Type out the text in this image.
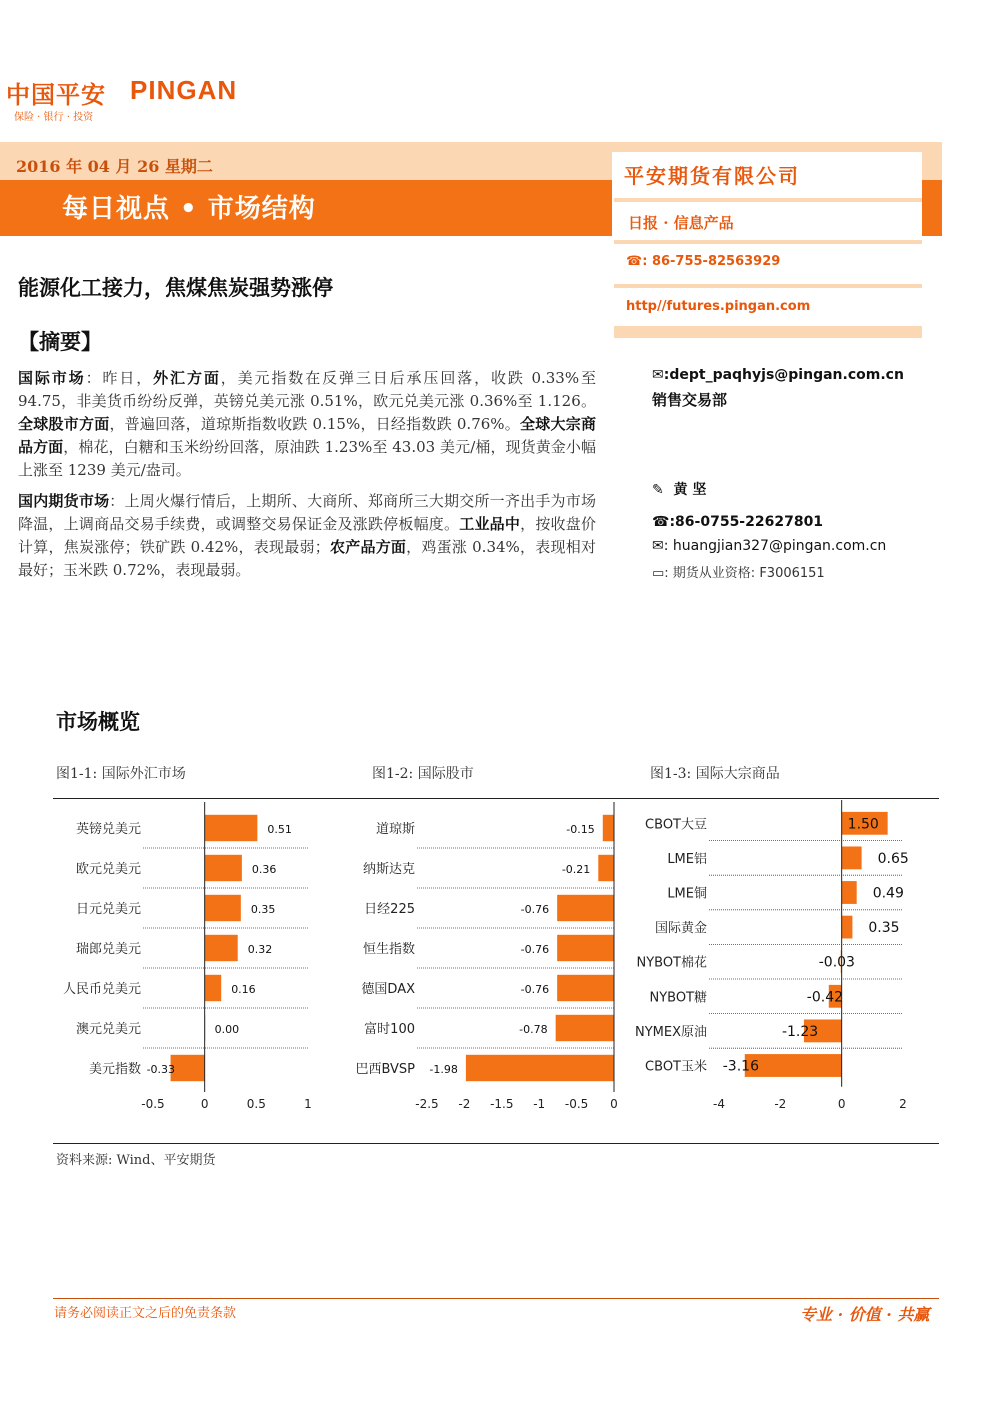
中国平安 PINGAN
保险 · 银行 · 投资
2016 年 04 月 26 星期二
每日视点 • 市场结构
平安期货有限公司
日报 · 信息产品
☎: 86-755-82563929
http//futures.pingan.com
能源化工接力，焦煤焦炭强势涨停
【摘要】
国际市场：昨日，外汇方面，美元指数在反弹三日后承压回落，收跌 0.33%至 94.75，非美货币纷纷反弹，英镑兑美元涨 0.51%，欧元兑美元涨 0.36%至 1.126。全球股市方面，普遍回落，道琼斯指数收跌 0.15%，日经指数跌 0.76%。全球大宗商品方面，棉花，白糖和玉米纷纷回落，原油跌 1.23%至 43.03 美元/桶，现货黄金小幅上涨至 1239 美元/盎司。
国内期货市场：上周火爆行情后，上期所、大商所、郑商所三大期交所一齐出手为市场降温，上调商品交易手续费，或调整交易保证金及涨跌停板幅度。工业品中，按收盘价计算，焦炭涨停；铁矿跌 0.42%，表现最弱；农产品方面，鸡蛋涨 0.34%，表现相对最好；玉米跌 0.72%，表现最弱。
✉:dept_paqhyjs@pingan.com.cn
销售交易部
✎ 黄 坚
☎:86-0755-22627801
✉: huangjian327@pingan.com.cn
▭: 期货从业资格: F3006151
市场概览
图1-1: 国际外汇市场	图1-2: 国际股市	图1-3: 国际大宗商品
英镑兑美元	0.51
欧元兑美元	0.36
日元兑美元	0.35
瑞郎兑美元	0.32
人民币兑美元	0.16
澳元兑美元	0.00
美元指数 -0.33
-0.5	0	0.5	1
道琼斯	-0.15
纳斯达克	-0.21
日经225	-0.76
恒生指数	-0.76
德国DAX	-0.76
富时100	-0.78
巴西BVSP -1.98
-2.5 -2 -1.5 -1 -0.5 0
CBOT大豆	1.50
LME铝	0.65
LME铜	0.49
国际黄金	0.35
NYBOT棉花	-0.03
NYBOT糖	-0.42
NYMEX原油	-1.23
CBOT玉米 -3.16
-4	-2	0	2
资料来源: Wind、平安期货
请务必阅读正文之后的免责条款	专业 · 价值 · 共赢
